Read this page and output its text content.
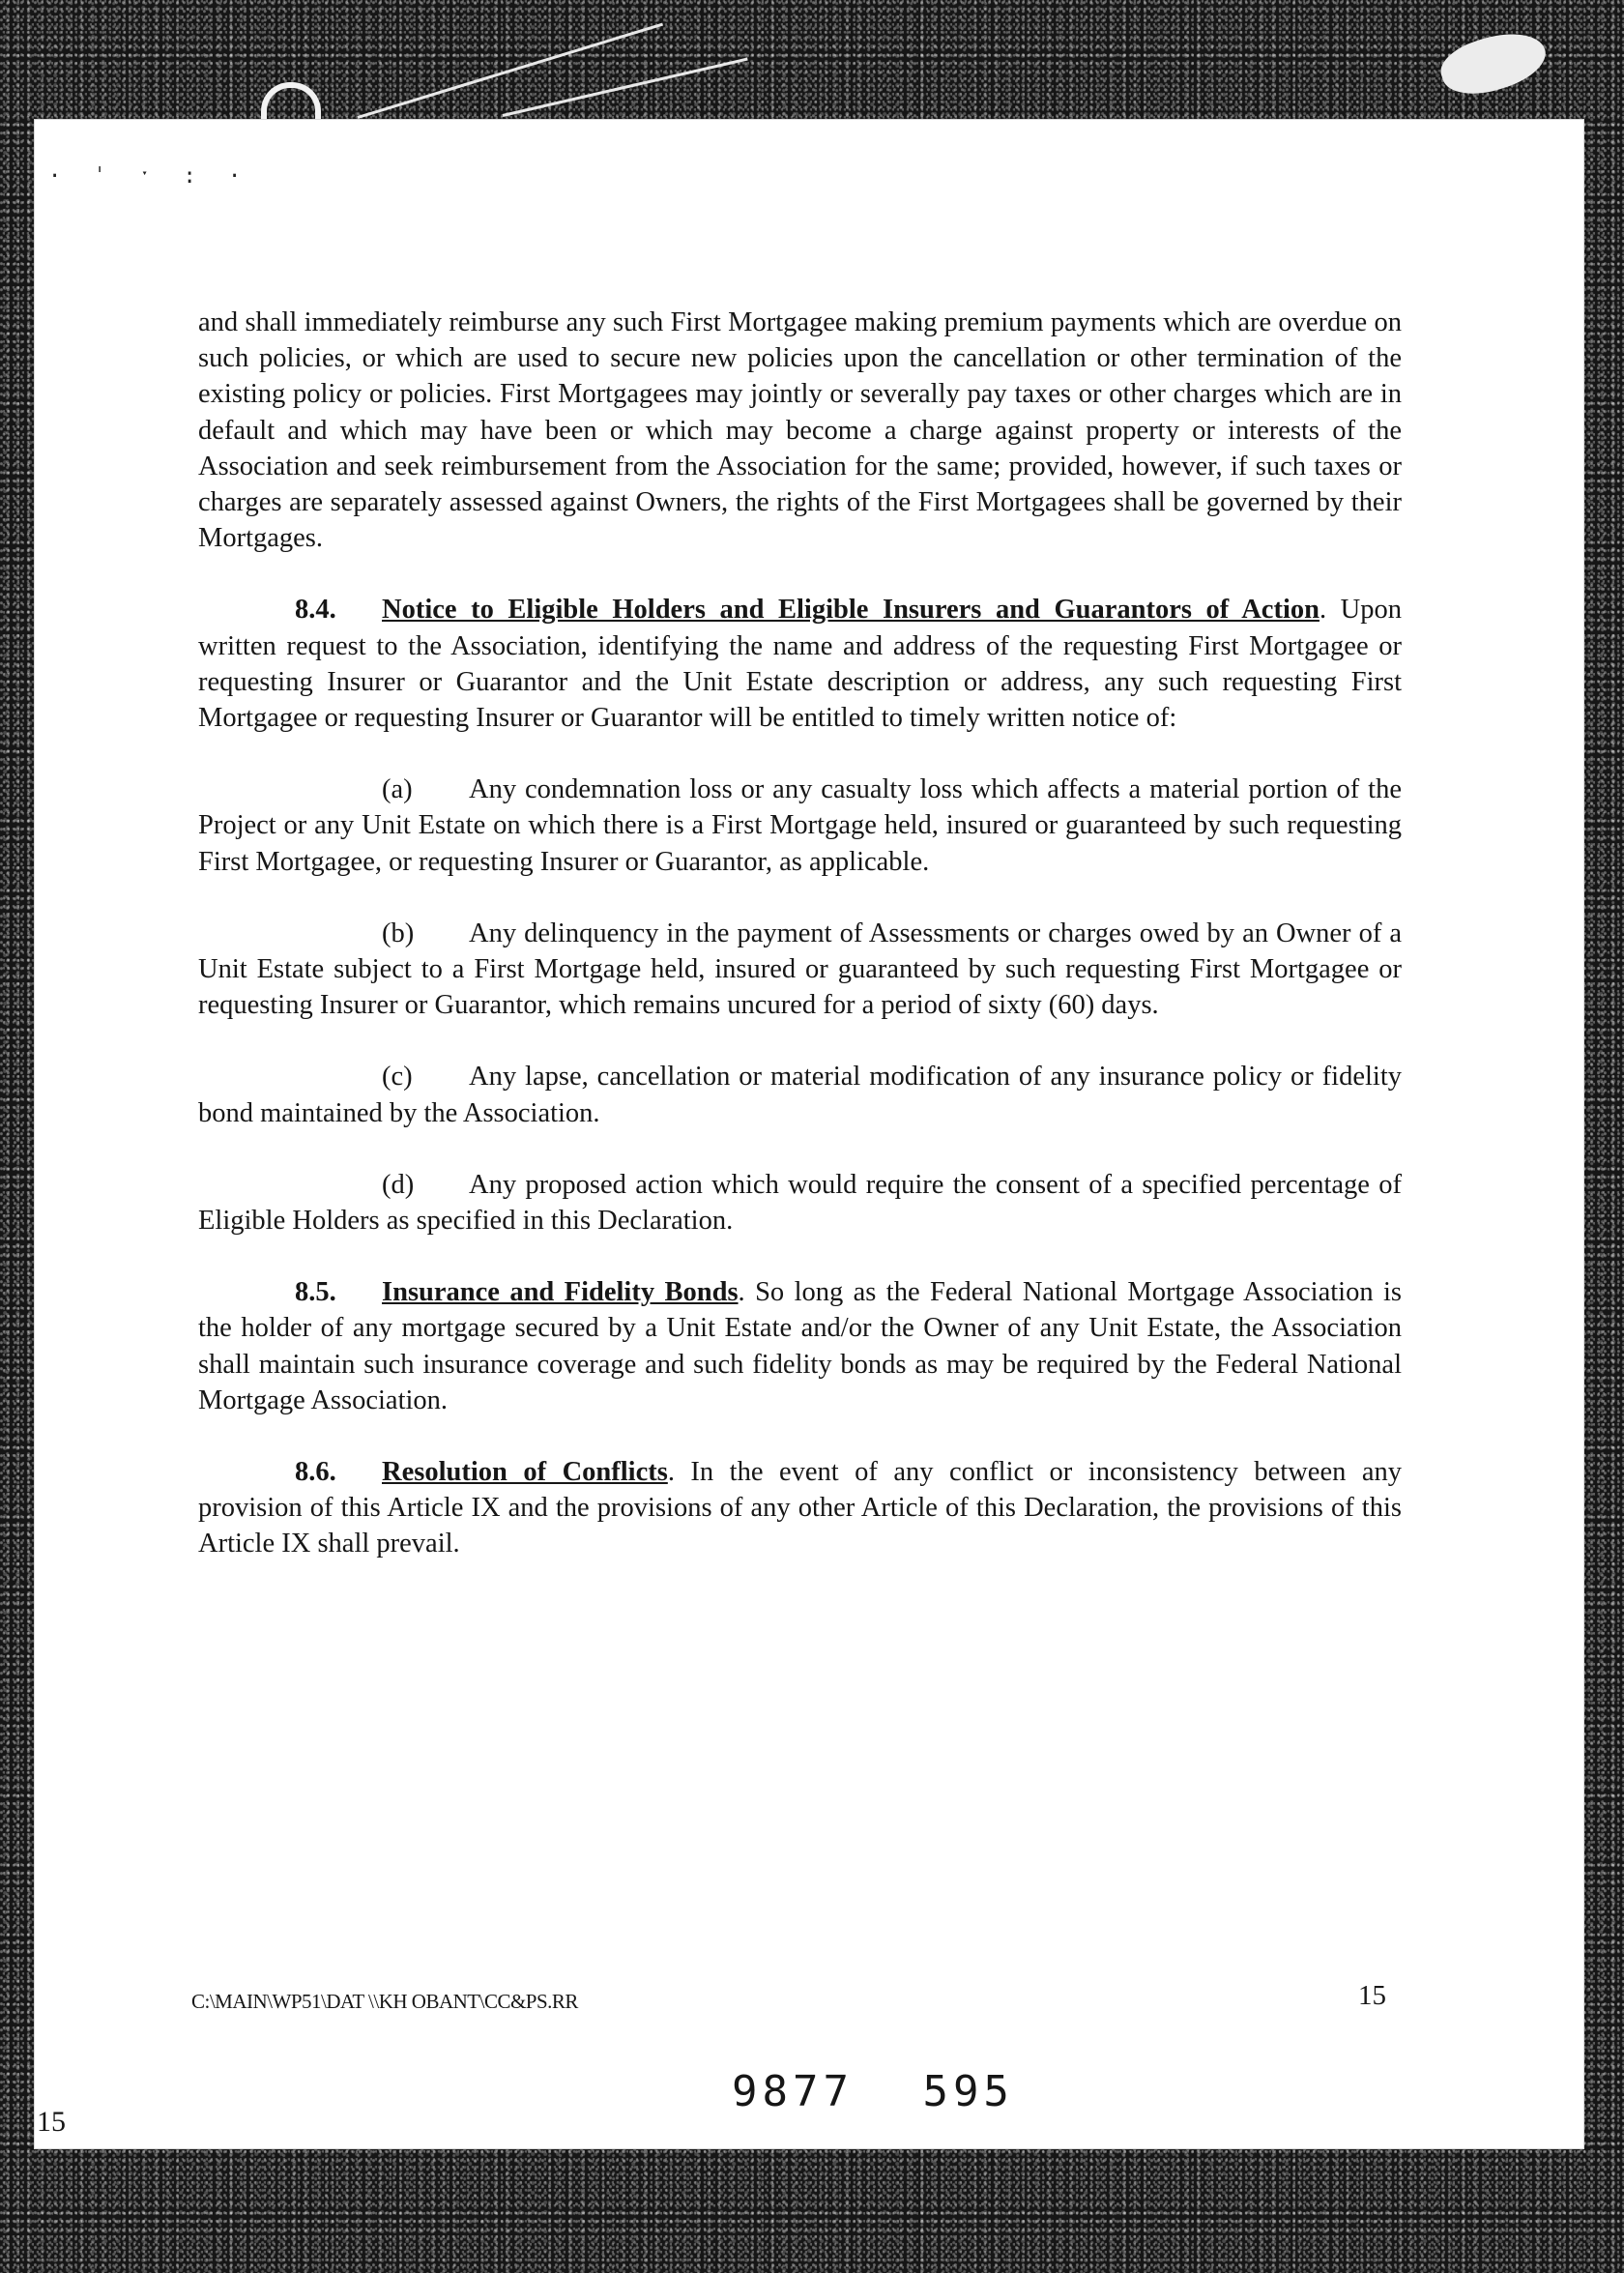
· ˈ ˑ : ·

and shall immediately reimburse any such First Mortgagee making premium payments which are overdue on such policies, or which are used to secure new policies upon the cancellation or other termination of the existing policy or policies. First Mortgagees may jointly or severally pay taxes or other charges which are in default and which may have been or which may become a charge against property or interests of the Association and seek reimbursement from the Association for the same; provided, however, if such taxes or charges are separately assessed against Owners, the rights of the First Mortgagees shall be governed by their Mortgages.

8.4. Notice to Eligible Holders and Eligible Insurers and Guarantors of Action. Upon written request to the Association, identifying the name and address of the requesting First Mortgagee or requesting Insurer or Guarantor and the Unit Estate description or address, any such requesting First Mortgagee or requesting Insurer or Guarantor will be entitled to timely written notice of:

(a) Any condemnation loss or any casualty loss which affects a material portion of the Project or any Unit Estate on which there is a First Mortgage held, insured or guaranteed by such requesting First Mortgagee, or requesting Insurer or Guarantor, as applicable.

(b) Any delinquency in the payment of Assessments or charges owed by an Owner of a Unit Estate subject to a First Mortgage held, insured or guaranteed by such requesting First Mortgagee or requesting Insurer or Guarantor, which remains uncured for a period of sixty (60) days.

(c) Any lapse, cancellation or material modification of any insurance policy or fidelity bond maintained by the Association.

(d) Any proposed action which would require the consent of a specified percentage of Eligible Holders as specified in this Declaration.

8.5. Insurance and Fidelity Bonds. So long as the Federal National Mortgage Association is the holder of any mortgage secured by a Unit Estate and/or the Owner of any Unit Estate, the Association shall maintain such insurance coverage and such fidelity bonds as may be required by the Federal National Mortgage Association.

8.6. Resolution of Conflicts. In the event of any conflict or inconsistency between any provision of this Article IX and the provisions of any other Article of this Declaration, the provisions of this Article IX shall prevail.

C:\MAIN\WP51\DAT \\KH OBANT\CC&PS.RR	15
9877 595
15
